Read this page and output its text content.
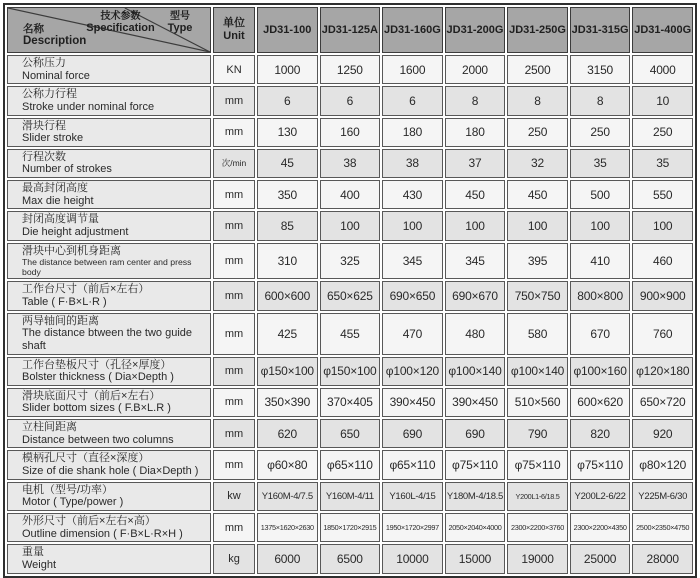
技术参数
Specification
型号
Type
名称
Description

单位
Unit	JD31-100	JD31-125A	JD31-160G	JD31-200G	JD31-250G	JD31-315G	JD31-400G

公称压力
Nominal force	KN	1000	1250	1600	2000	2500	3150	4000

公称力行程
Stroke under nominal force	mm	6	6	6	8	8	8	10

滑块行程
Slider stroke	mm	130	160	180	180	250	250	250

行程次数
Number of strokes	次/min	45	38	38	37	32	35	35

最高封闭高度
Max die height	mm	350	400	430	450	450	500	550

封闭高度调节量
Die height adjustment	mm	85	100	100	100	100	100	100

滑块中心到机身距离
The distance between ram center and press body	mm	310	325	345	345	395	410	460

工作台尺寸（前后×左右）
Table ( F·B×L·R )	mm	600×600	650×625	690×650	690×670	750×750	800×800	900×900

两导轴间的距离
The distance btween the two guide shaft	mm	425	455	470	480	580	670	760

工作台垫板尺寸（孔径×厚度）
Bolster thickness ( Dia×Depth )	mm	φ150×100	φ150×100	φ100×120	φ100×140	φ100×140	φ100×160	φ120×180

滑块底面尺寸（前后×左右）
Slider bottom sizes ( F.B×L.R )	mm	350×390	370×405	390×450	390×450	510×560	600×620	650×720

立柱间距离
Distance between two columns	mm	620	650	690	690	790	820	920

模柄孔尺寸（直径×深度）
Size of die shank hole ( Dia×Depth )	mm	φ60×80	φ65×110	φ65×110	φ75×110	φ75×110	φ75×110	φ80×120

电机（型号/功率）
Motor ( Type/power )	kw	Y160M-4/7.5	Y160M-4/11	Y160L-4/15	Y180M-4/18.5	Y200L1-6/18.5	Y200L2-6/22	Y225M-6/30

外形尺寸（前后×左右×高）
Outline dimension ( F·B×L·R×H )	mm	1375×1620×2630	1850×1720×2915	1950×1720×2997	2050×2040×4000	2300×2200×3760	2300×2200×4350	2500×2350×4750

重量
Weight	kg	6000	6500	10000	15000	19000	25000	28000
